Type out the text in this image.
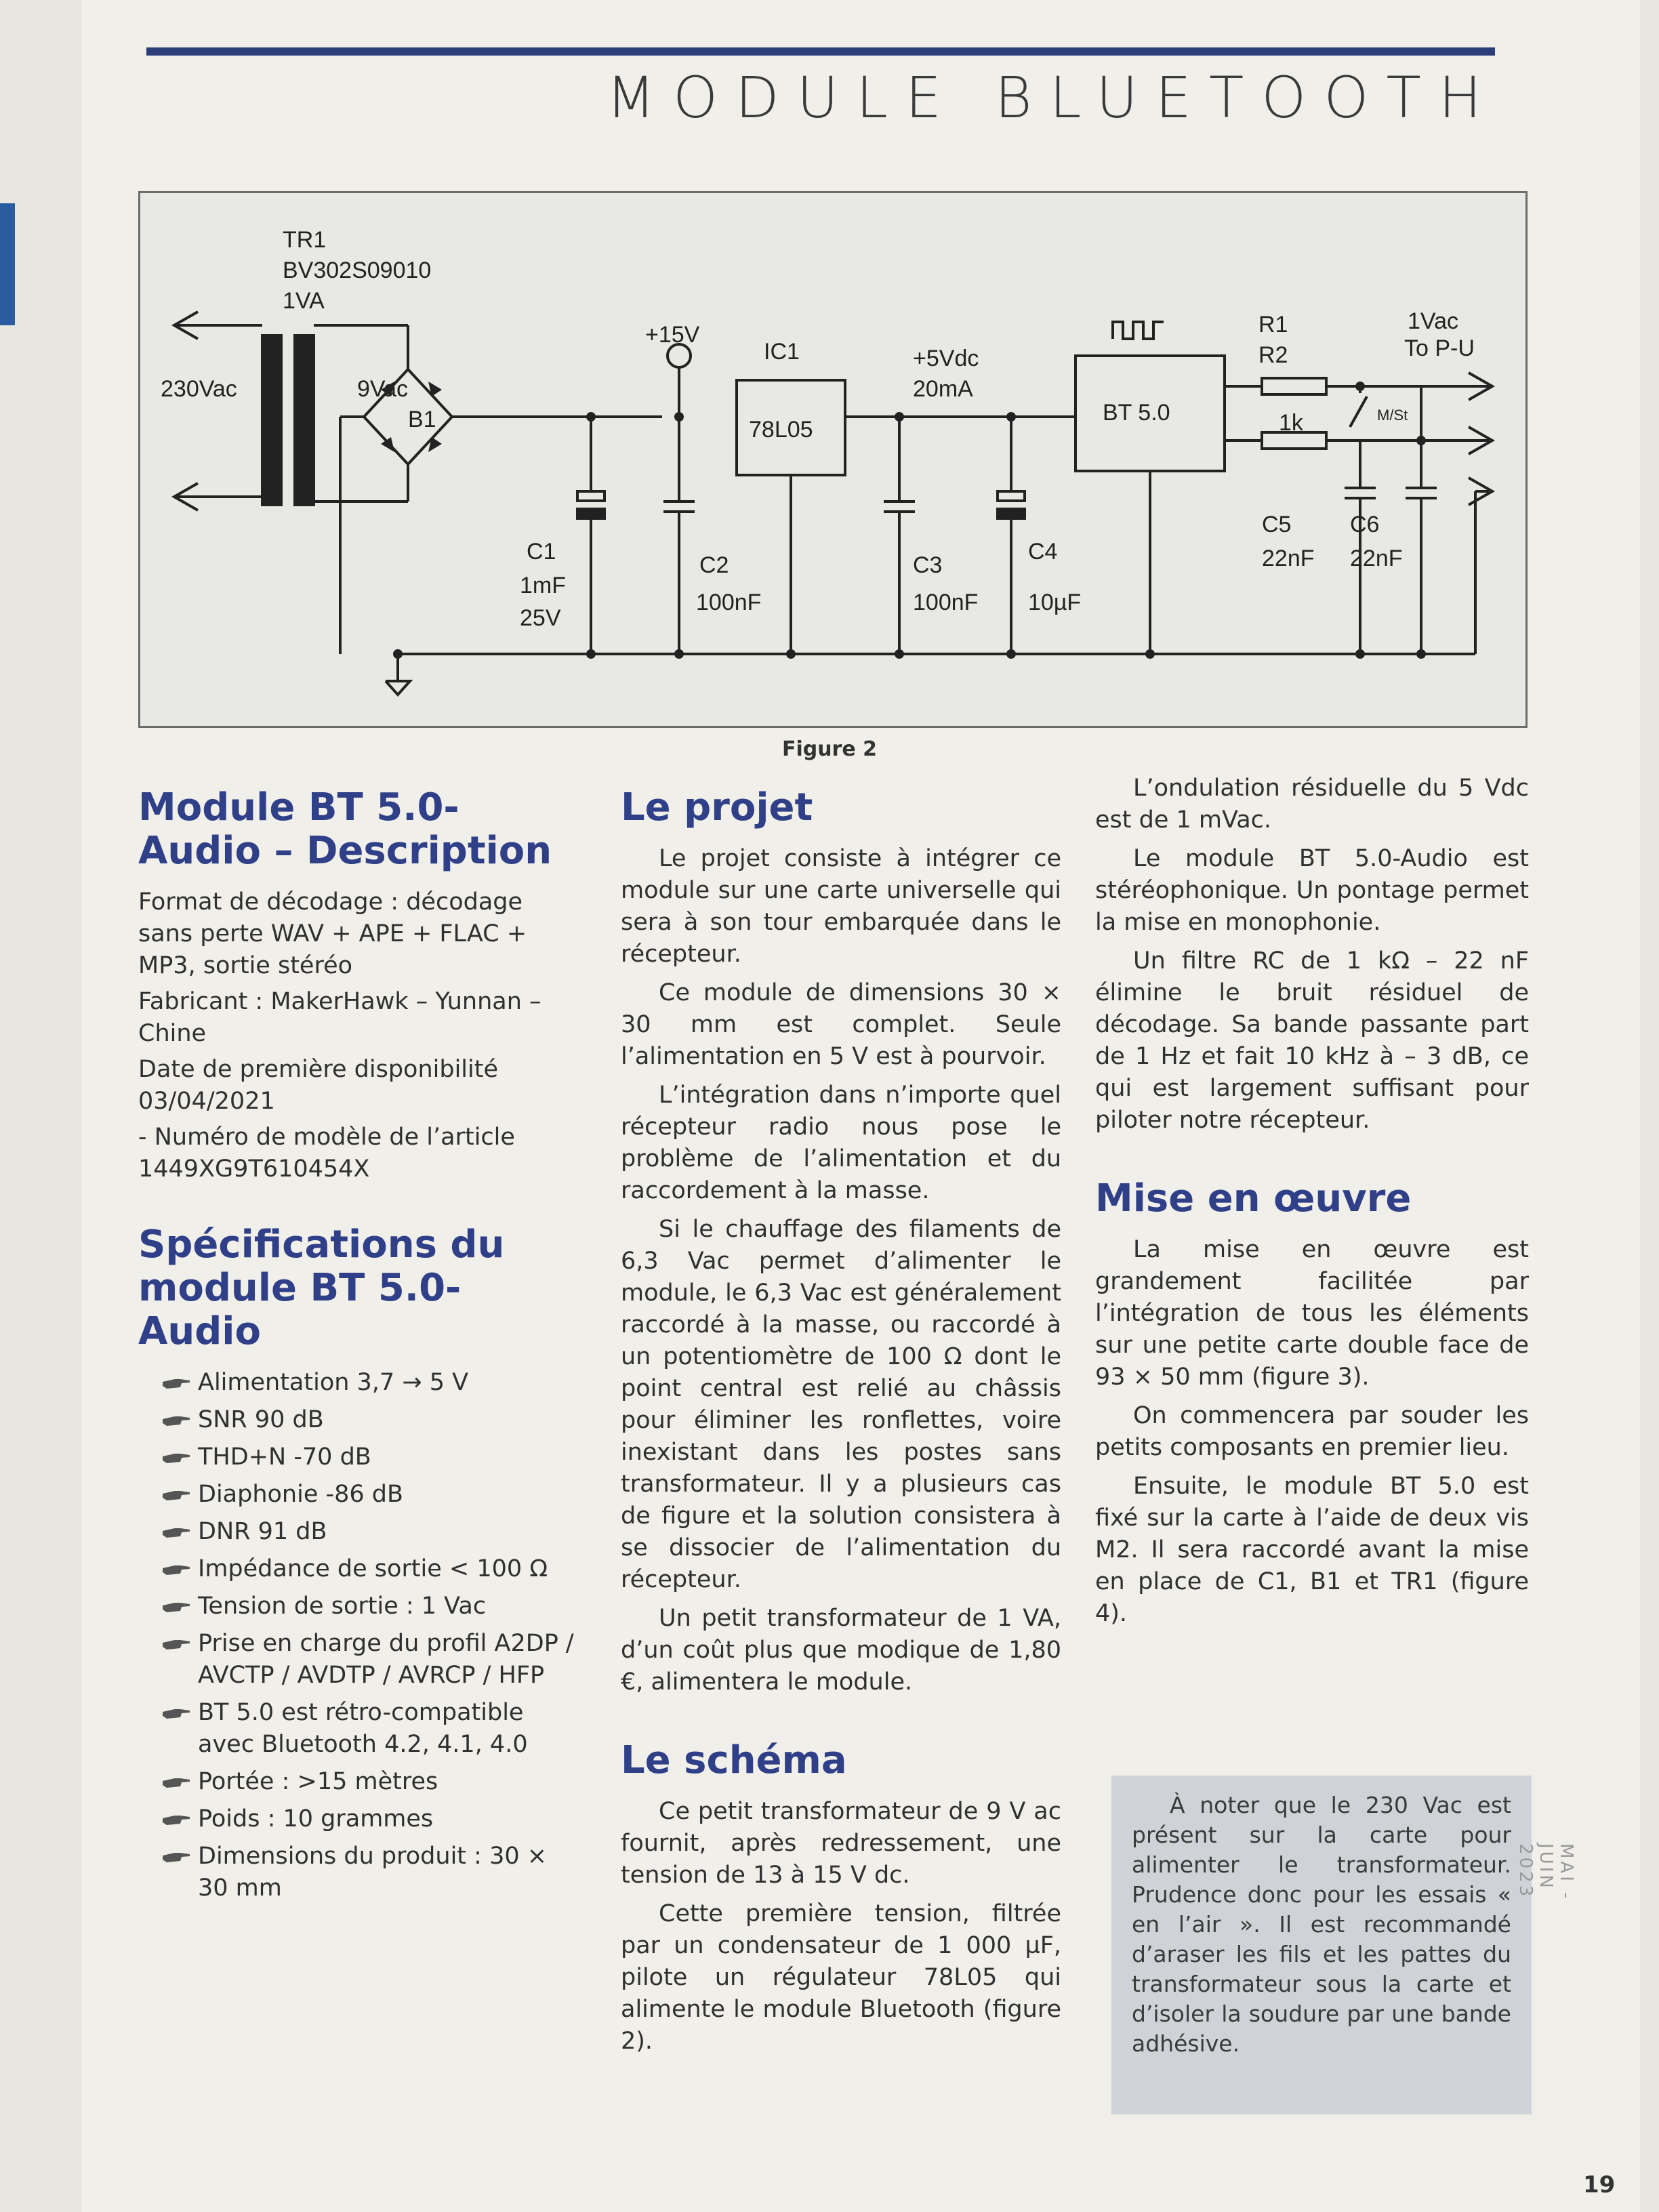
MODULE BLUETOOTH
TR1
BV302S09010
1VA
230Vac	9Vac
B1
+15V
IC1
78L05
+5Vdc
20mA
BT 5.0
R1
R2
1k	M/St
1Vac
To P-U
C1
1mF
25V
C2
100nF
C3
100nF
C4
10µF
C5
22nF
C6
22nF
Figure 2
Module BT 5.0-Audio – Description

Format de décodage : décodage sans perte WAV + APE + FLAC + MP3, sortie stéréo

Fabricant : MakerHawk – Yunnan – Chine

Date de première disponibilité 03/04/2021

- Numéro de modèle de l’article 1449XG9T610454X

Spécifications du module BT 5.0-Audio
Alimentation 3,7 → 5 V
SNR 90 dB
THD+N -70 dB
Diaphonie -86 dB
DNR 91 dB
Impédance de sortie < 100 Ω
Tension de sortie : 1 Vac
Prise en charge du profil A2DP / AVCTP / AVDTP / AVRCP / HFP
BT 5.0 est rétro-compatible avec Bluetooth 4.2, 4.1, 4.0
Portée : >15 mètres
Poids : 10 grammes
Dimensions du produit : 30 × 30 mm
Le projet

Le projet consiste à intégrer ce module sur une carte universelle qui sera à son tour embarquée dans le récepteur.

Ce module de dimensions 30 × 30 mm est complet. Seule l’alimentation en 5 V est à pourvoir.

L’intégration dans n’importe quel récepteur radio nous pose le problème de l’alimentation et du raccordement à la masse.

Si le chauffage des filaments de 6,3 Vac permet d’alimenter le module, le 6,3 Vac est généralement raccordé à la masse, ou raccordé à un potentiomètre de 100 Ω dont le point central est relié au châssis pour éliminer les ronflettes, voire inexistant dans les postes sans transformateur. Il y a plusieurs cas de figure et la solution consistera à se dissocier de l’alimentation du récepteur.

Un petit transformateur de 1 VA, d’un coût plus que modique de 1,80 €, alimentera le module.

Le schéma

Ce petit transformateur de 9 V ac fournit, après redressement, une tension de 13 à 15 V dc.

Cette première tension, filtrée par un condensateur de 1 000 µF, pilote un régulateur 78L05 qui alimente le module Bluetooth (figure 2).

L’ondulation résiduelle du 5 Vdc est de 1 mVac.

Le module BT 5.0-Audio est stéréophonique. Un pontage permet la mise en monophonie.

Un filtre RC de 1 kΩ – 22 nF élimine le bruit résiduel de décodage. Sa bande passante part de 1 Hz et fait 10 kHz à – 3 dB, ce qui est largement suffisant pour piloter notre récepteur.

Mise en œuvre

La mise en œuvre est grandement facilitée par l’intégration de tous les éléments sur une petite carte double face de 93 × 50 mm (figure 3).

On commencera par souder les petits composants en premier lieu.

Ensuite, le module BT 5.0 est fixé sur la carte à l’aide de deux vis M2. Il sera raccordé avant la mise en place de C1, B1 et TR1 (figure 4).

À noter que le 230 Vac est présent sur la carte pour alimenter le transformateur. Prudence donc pour les essais « en l’air ». Il est recommandé d’araser les fils et les pattes du transformateur sous la carte et d’isoler la soudure par une bande adhésive.

MAI - JUIN 2023
19
